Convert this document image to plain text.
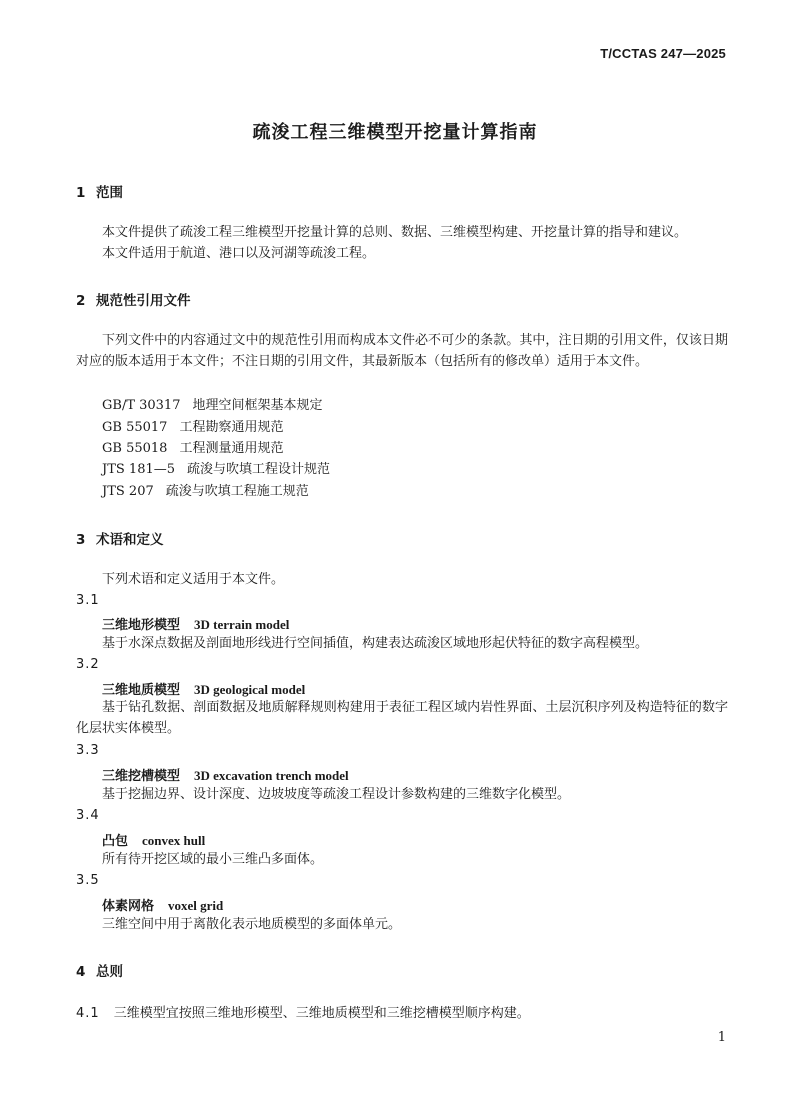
T/CCTAS 247—2025
疏浚工程三维模型开挖量计算指南
1 范围
本文件提供了疏浚工程三维模型开挖量计算的总则、数据、三维模型构建、开挖量计算的指导和建议。
本文件适用于航道、港口以及河湖等疏浚工程。
2 规范性引用文件
下列文件中的内容通过文中的规范性引用而构成本文件必不可少的条款。其中，注日期的引用文件，仅该日期对应的版本适用于本文件；不注日期的引用文件，其最新版本（包括所有的修改单）适用于本文件。
GB/T 30317 地理空间框架基本规定
GB 55017 工程勘察通用规范
GB 55018 工程测量通用规范
JTS 181—5 疏浚与吹填工程设计规范
JTS 207 疏浚与吹填工程施工规范
3 术语和定义
下列术语和定义适用于本文件。
3.1
三维地形模型 3D terrain model
基于水深点数据及剖面地形线进行空间插值，构建表达疏浚区域地形起伏特征的数字高程模型。
3.2
三维地质模型 3D geological model
基于钻孔数据、剖面数据及地质解释规则构建用于表征工程区域内岩性界面、土层沉积序列及构造特征的数字化层状实体模型。
3.3
三维挖槽模型 3D excavation trench model
基于挖掘边界、设计深度、边坡坡度等疏浚工程设计参数构建的三维数字化模型。
3.4
凸包 convex hull
所有待开挖区域的最小三维凸多面体。
3.5
体素网格 voxel grid
三维空间中用于离散化表示地质模型的多面体单元。
4 总则
4.1 三维模型宜按照三维地形模型、三维地质模型和三维挖槽模型顺序构建。
1
